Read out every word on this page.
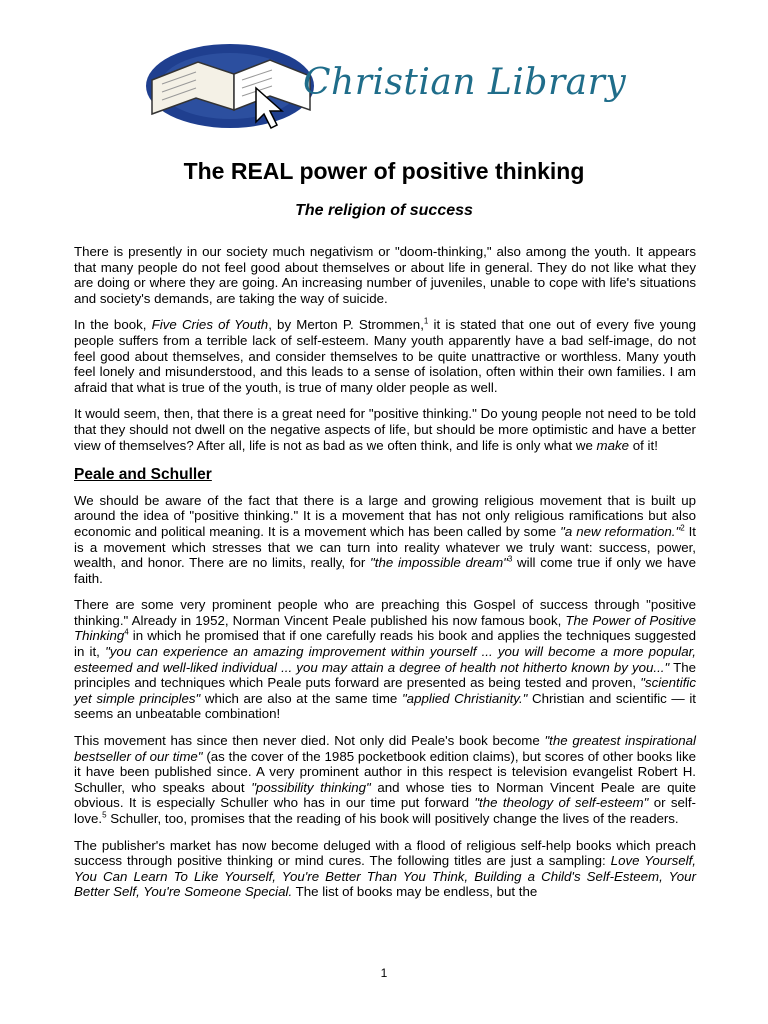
Christian Library
The REAL power of positive thinking
The religion of success

There is presently in our society much negativism or "doom-thinking," also among the youth. It appears that many people do not feel good about themselves or about life in general. They do not like what they are doing or where they are going. An increasing number of juveniles, unable to cope with life's situations and society's demands, are taking the way of suicide.

In the book, Five Cries of Youth, by Merton P. Strommen,$^1$ it is stated that one out of every five young people suffers from a terrible lack of self-esteem. Many youth apparently have a bad self-image, do not feel good about themselves, and consider themselves to be quite unattractive or worthless. Many youth feel lonely and misunderstood, and this leads to a sense of isolation, often within their own families. I am afraid that what is true of the youth, is true of many older people as well.

It would seem, then, that there is a great need for "positive thinking." Do young people not need to be told that they should not dwell on the negative aspects of life, but should be more optimistic and have a better view of themselves? After all, life is not as bad as we often think, and life is only what we make of it!

Peale and Schuller

We should be aware of the fact that there is a large and growing religious movement that is built up around the idea of "positive thinking." It is a movement that has not only religious ramifications but also economic and political meaning. It is a movement which has been called by some "a new reformation."$^2$ It is a movement which stresses that we can turn into reality whatever we truly want: success, power, wealth, and honor. There are no limits, really, for "the impossible dream"$^3$ will come true if only we have faith.

There are some very prominent people who are preaching this Gospel of success through "positive thinking." Already in 1952, Norman Vincent Peale published his now famous book, The Power of Positive Thinking$^4$ in which he promised that if one carefully reads his book and applies the techniques suggested in it, "you can experience an amazing improvement within yourself ... you will become a more popular, esteemed and well-liked individual ... you may attain a degree of health not hitherto known by you..." The principles and techniques which Peale puts forward are presented as being tested and proven, "scientific yet simple principles" which are also at the same time "applied Christianity." Christian and scientific — it seems an unbeatable combination!

This movement has since then never died. Not only did Peale's book become "the greatest inspirational bestseller of our time" (as the cover of the 1985 pocketbook edition claims), but scores of other books like it have been published since. A very prominent author in this respect is television evangelist Robert H. Schuller, who speaks about "possibility thinking" and whose ties to Norman Vincent Peale are quite obvious. It is especially Schuller who has in our time put forward "the theology of self-esteem" or self-love.$^5$ Schuller, too, promises that the reading of his book will positively change the lives of the readers.

The publisher's market has now become deluged with a flood of religious self-help books which preach success through positive thinking or mind cures. The following titles are just a sampling: Love Yourself, You Can Learn To Like Yourself, You're Better Than You Think, Building a Child's Self-Esteem, Your Better Self, You're Someone Special. The list of books may be endless, but the

1
